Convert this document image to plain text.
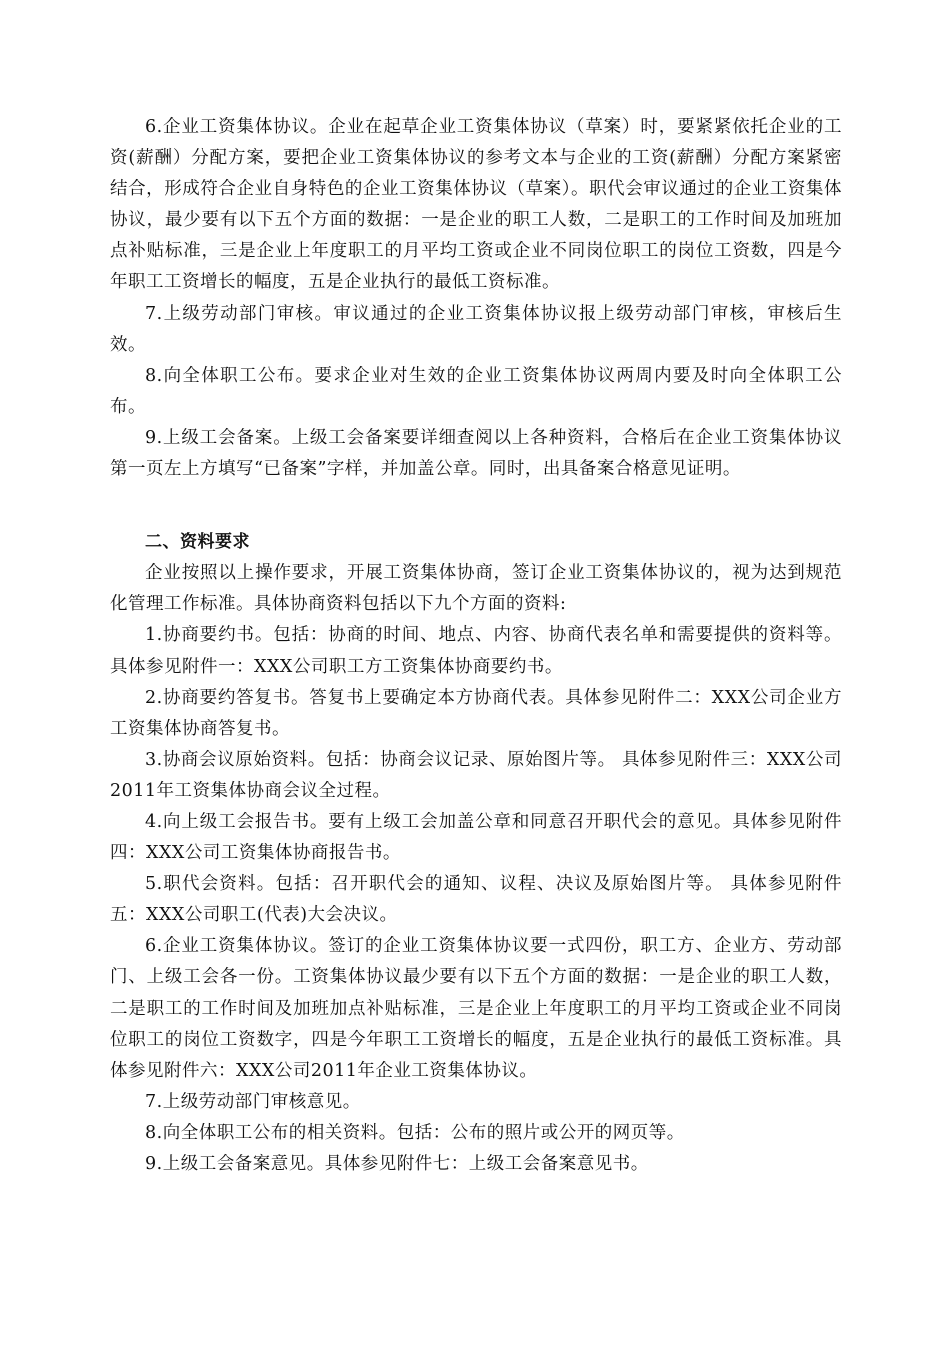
6.企业工资集体协议。企业在起草企业工资集体协议（草案）时，要紧紧依托企业的工资(薪酬）分配方案，要把企业工资集体协议的参考文本与企业的工资(薪酬）分配方案紧密结合，形成符合企业自身特色的企业工资集体协议（草案）。职代会审议通过的企业工资集体协议，最少要有以下五个方面的数据：一是企业的职工人数，二是职工的工作时间及加班加点补贴标准，三是企业上年度职工的月平均工资或企业不同岗位职工的岗位工资数，四是今年职工工资增长的幅度，五是企业执行的最低工资标准。

7.上级劳动部门审核。审议通过的企业工资集体协议报上级劳动部门审核，审核后生效。

8.向全体职工公布。要求企业对生效的企业工资集体协议两周内要及时向全体职工公布。

9.上级工会备案。上级工会备案要详细查阅以上各种资料，合格后在企业工资集体协议第一页左上方填写“已备案”字样，并加盖公章。同时，出具备案合格意见证明。

二、资料要求

企业按照以上操作要求，开展工资集体协商，签订企业工资集体协议的，视为达到规范化管理工作标准。具体协商资料包括以下九个方面的资料:

1.协商要约书。包括：协商的时间、地点、内容、协商代表名单和需要提供的资料等。具体参见附件一：XXX公司职工方工资集体协商要约书。

2.协商要约答复书。答复书上要确定本方协商代表。具体参见附件二：XXX公司企业方工资集体协商答复书。

3.协商会议原始资料。包括：协商会议记录、原始图片等。 具体参见附件三：XXX公司2011年工资集体协商会议全过程。

4.向上级工会报告书。要有上级工会加盖公章和同意召开职代会的意见。具体参见附件四：XXX公司工资集体协商报告书。

5.职代会资料。包括：召开职代会的通知、议程、决议及原始图片等。 具体参见附件五：XXX公司职工(代表)大会决议。

6.企业工资集体协议。签订的企业工资集体协议要一式四份，职工方、企业方、劳动部门、上级工会各一份。工资集体协议最少要有以下五个方面的数据：一是企业的职工人数，二是职工的工作时间及加班加点补贴标准，三是企业上年度职工的月平均工资或企业不同岗位职工的岗位工资数字，四是今年职工工资增长的幅度，五是企业执行的最低工资标准。具体参见附件六：XXX公司2011年企业工资集体协议。

7.上级劳动部门审核意见。

8.向全体职工公布的相关资料。包括：公布的照片或公开的网页等。

9.上级工会备案意见。具体参见附件七：上级工会备案意见书。
